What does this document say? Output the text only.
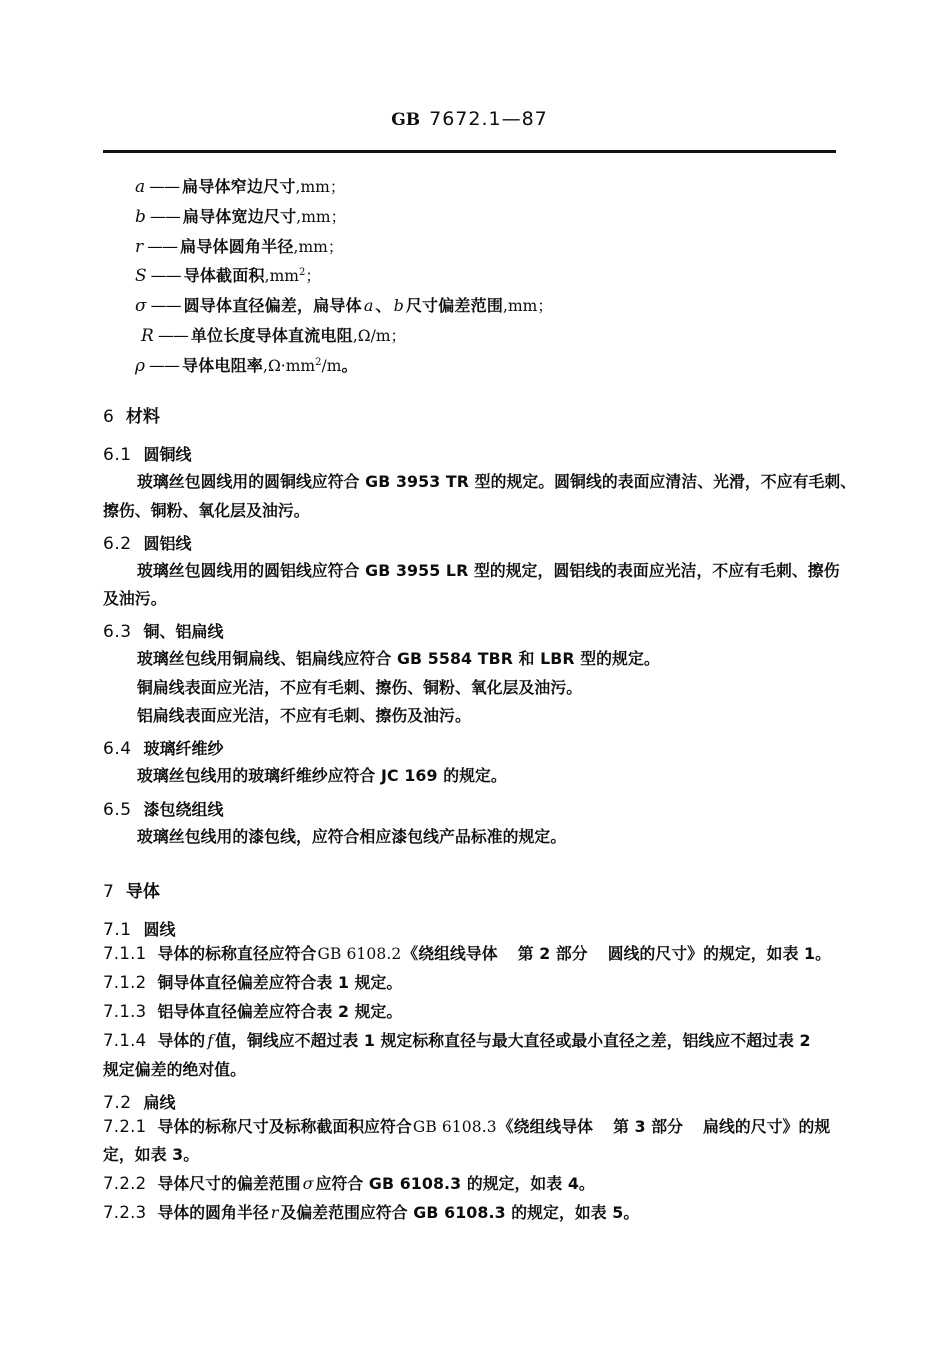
GB 7672.1—87
a —— 扁导体窄边尺寸,mm；
b —— 扁导体宽边尺寸,mm；
r —— 扁导体圆角半径,mm；
S —— 导体截面积$,mm^2$；
σ —— 圆导体直径偏差，扁导体 a 、 b 尺寸偏差范围,mm；
R —— 单位长度导体直流电阻,Ω/m；
ρ —— 导体电阻率$,\Omega\cdot mm^2/m$。
6 材料
6.1 圆铜线
玻璃丝包圆线用的圆铜线应符合 GB 3953 TR 型的规定。圆铜线的表面应清洁、光滑，不应有毛刺、
擦伤、铜粉、氧化层及油污。
6.2 圆铝线
玻璃丝包圆线用的圆铝线应符合 GB 3955 LR 型的规定，圆铝线的表面应光洁，不应有毛刺、擦伤
及油污。
6.3 铜、铝扁线
玻璃丝包线用铜扁线、铝扁线应符合 GB 5584 TBR 和 LBR 型的规定。
铜扁线表面应光洁，不应有毛刺、擦伤、铜粉、氧化层及油污。
铝扁线表面应光洁，不应有毛刺、擦伤及油污。
6.4 玻璃纤维纱
玻璃丝包线用的玻璃纤维纱应符合 JC 169 的规定。
6.5 漆包绕组线
玻璃丝包线用的漆包线，应符合相应漆包线产品标准的规定。
7 导体
7.1 圆线
7.1.1 导体的标称直径应符合GB 6108.2《绕组线导体 第 2 部分 圆线的尺寸》的规定，如表 1。
7.1.2 铜导体直径偏差应符合表 1 规定。
7.1.3 铝导体直径偏差应符合表 2 规定。
7.1.4 导体的 f 值，铜线应不超过表 1 规定标称直径与最大直径或最小直径之差，铝线应不超过表 2
规定偏差的绝对值。
7.2 扁线
7.2.1 导体的标称尺寸及标称截面积应符合GB 6108.3《绕组线导体 第 3 部分 扁线的尺寸》的规
定，如表 3。
7.2.2 导体尺寸的偏差范围 σ 应符合 GB 6108.3 的规定，如表 4。
7.2.3 导体的圆角半径 r 及偏差范围应符合 GB 6108.3 的规定，如表 5。
